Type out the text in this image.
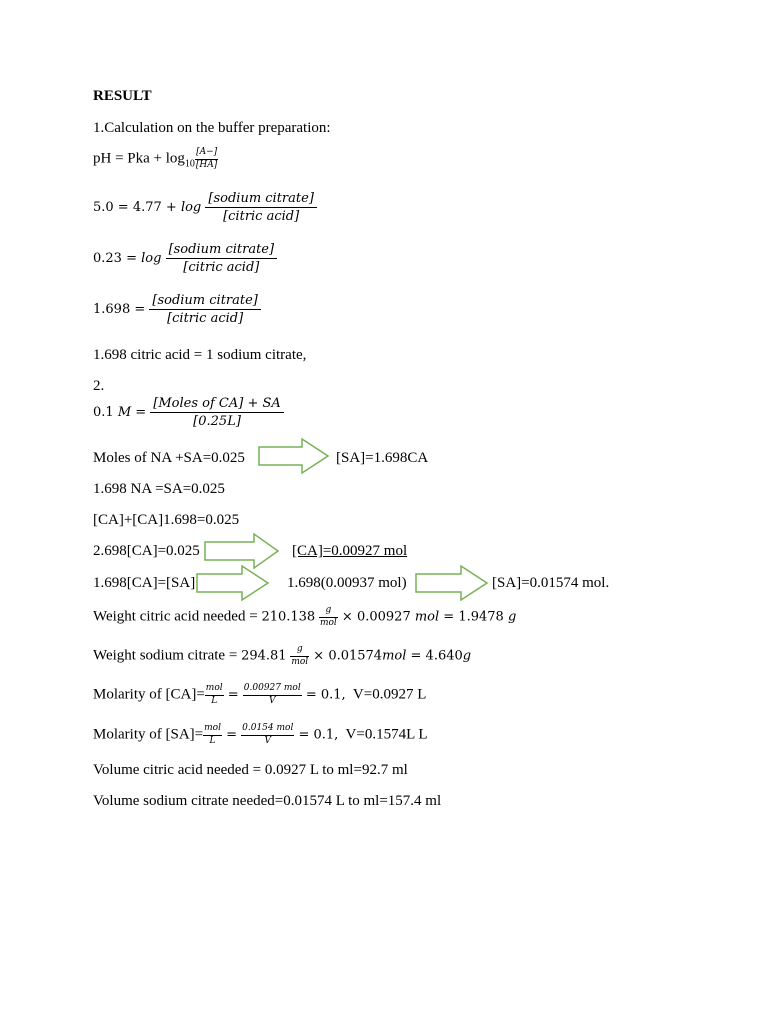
RESULT
1.Calculation on the buffer preparation:
pH = Pka + $\log_{10} \frac{[A-]}{[HA]}$
$5.0 = 4.77 + \log \frac{\text{[sodium citrate]}}{\text{[citric acid]}}$
$0.23 = \log \frac{\text{[sodium citrate]}}{\text{[citric acid]}}$
$1.698 = \frac{\text{[sodium citrate]}}{\text{[citric acid]}}$
1.698 citric acid = 1 sodium citrate,
2.
0.1 $M = \frac{\text{[Moles of CA] + SA}}{[0.25L]}$
Moles of NA +SA=0.025	[SA]=1.698CA
1.698 NA =SA=0.025
[CA]+[CA]1.698=0.025
2.698[CA]=0.025	[CA]=0.00927 mol
1.698[CA]=[SA]	1.698(0.00937 mol)	[SA]=0.01574 mol.
Weight citric acid needed = $210.138 \frac{g}{\text{mol}} \times 0.00927$ mol = 1.9478 g
Weight sodium citrate = $294.81 \frac{g}{\text{mol}} \times 0.01574mol = 4.640g$
Molarity of $[CA]= \frac{\text{mol}}{L} = \frac{\text{0.00927 mol}}{V} = 0.1$,  V=0.0927 L
Molarity of $[SA]= \frac{\text{mol}}{L} = \frac{\text{0.0154 mol}}{V} = 0.1$,  V=0.1574L L
Volume citric acid needed = 0.0927 L to ml=92.7 ml
Volume sodium citrate needed=0.01574 L to ml=157.4 ml
